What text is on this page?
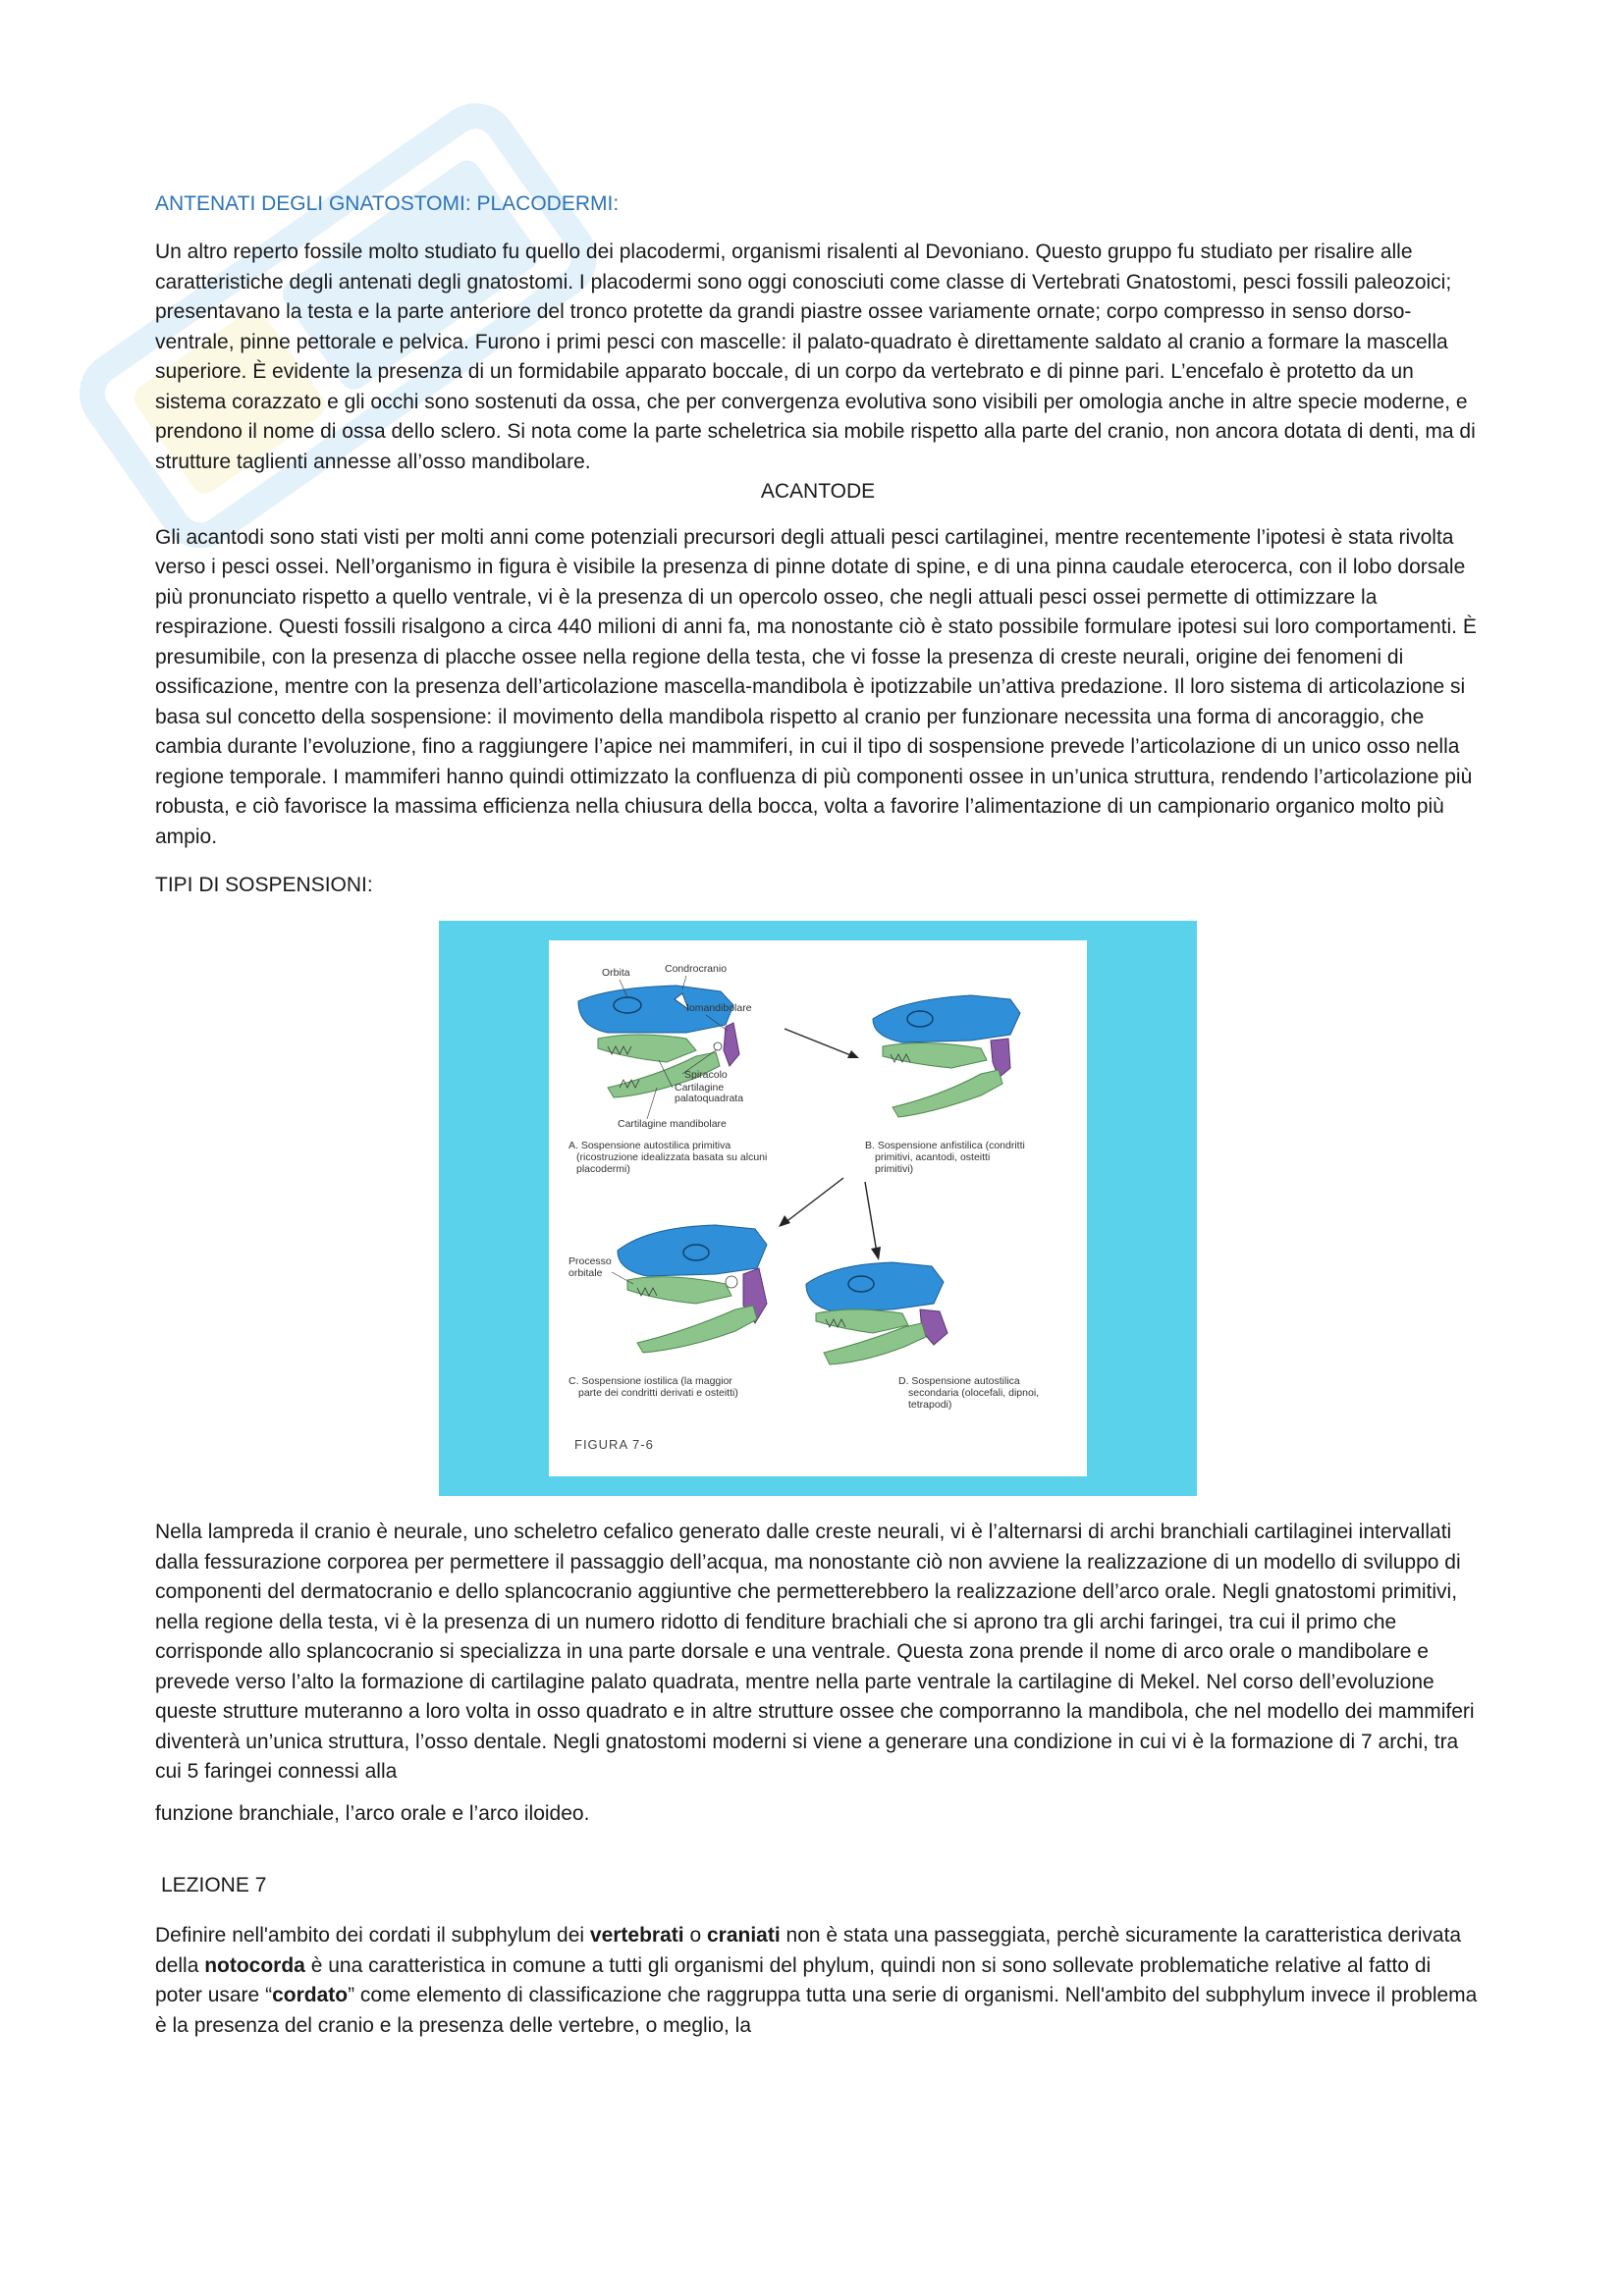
ANTENATI DEGLI GNATOSTOMI: PLACODERMI:

Un altro reperto fossile molto studiato fu quello dei placodermi, organismi risalenti al Devoniano. Questo gruppo fu studiato per risalire alle caratteristiche degli antenati degli gnatostomi. I placodermi sono oggi conosciuti come classe di Vertebrati Gnatostomi, pesci fossili paleozoici; presentavano la testa e la parte anteriore del tronco protette da grandi piastre ossee variamente ornate; corpo compresso in senso dorso-ventrale, pinne pettorale e pelvica. Furono i primi pesci con mascelle: il palato-quadrato è direttamente saldato al cranio a formare la mascella superiore. È evidente la presenza di un formidabile apparato boccale, di un corpo da vertebrato e di pinne pari. L’encefalo è protetto da un sistema corazzato e gli occhi sono sostenuti da ossa, che per convergenza evolutiva sono visibili per omologia anche in altre specie moderne, e prendono il nome di ossa dello sclero. Si nota come la parte scheletrica sia mobile rispetto alla parte del cranio, non ancora dotata di denti, ma di strutture taglienti annesse all’osso mandibolare.

ACANTODE

Gli acantodi sono stati visti per molti anni come potenziali precursori degli attuali pesci cartilaginei, mentre recentemente l’ipotesi è stata rivolta verso i pesci ossei. Nell’organismo in figura è visibile la presenza di pinne dotate di spine, e di una pinna caudale eterocerca, con il lobo dorsale più pronunciato rispetto a quello ventrale, vi è la presenza di un opercolo osseo, che negli attuali pesci ossei permette di ottimizzare la respirazione. Questi fossili risalgono a circa 440 milioni di anni fa, ma nonostante ciò è stato possibile formulare ipotesi sui loro comportamenti. È presumibile, con la presenza di placche ossee nella regione della testa, che vi fosse la presenza di creste neurali, origine dei fenomeni di ossificazione, mentre con la presenza dell’articolazione mascella-mandibola è ipotizzabile un’attiva predazione. Il loro sistema di articolazione si basa sul concetto della sospensione: il movimento della mandibola rispetto al cranio per funzionare necessita una forma di ancoraggio, che cambia durante l’evoluzione, fino a raggiungere l’apice nei mammiferi, in cui il tipo di sospensione prevede l’articolazione di un unico osso nella regione temporale. I mammiferi hanno quindi ottimizzato la confluenza di più componenti ossee in un’unica struttura, rendendo l’articolazione più robusta, e ciò favorisce la massima efficienza nella chiusura della bocca, volta a favorire l’alimentazione di un campionario organico molto più ampio.

TIPI DI SOSPENSIONI:

Orbita	Condrocranio
Iomandibolare
Spiracolo
Cartilagine
palatoquadrata
Cartilagine mandibolare
A. Sospensione autostilica primitiva
(ricostruzione idealizzata basata su alcuni
placodermi)
B. Sospensione anfistilica (condritti
primitivi, acantodi, osteitti
primitivi)
Processo
orbitale
C. Sospensione iostilica (la maggior
parte dei condritti derivati e osteitti)
D. Sospensione autostilica
secondaria (olocefali, dipnoi,
tetrapodi)
FIGURA 7-6

Nella lampreda il cranio è neurale, uno scheletro cefalico generato dalle creste neurali, vi è l’alternarsi di archi branchiali cartilaginei intervallati dalla fessurazione corporea per permettere il passaggio dell’acqua, ma nonostante ciò non avviene la realizzazione di un modello di sviluppo di componenti del dermatocranio e dello splancocranio aggiuntive che permetterebbero la realizzazione dell’arco orale. Negli gnatostomi primitivi, nella regione della testa, vi è la presenza di un numero ridotto di fenditure brachiali che si aprono tra gli archi faringei, tra cui il primo che corrisponde allo splancocranio si specializza in una parte dorsale e una ventrale. Questa zona prende il nome di arco orale o mandibolare e prevede verso l’alto la formazione di cartilagine palato quadrata, mentre nella parte ventrale la cartilagine di Mekel. Nel corso dell’evoluzione queste strutture muteranno a loro volta in osso quadrato e in altre strutture ossee che comporranno la mandibola, che nel modello dei mammiferi diventerà un’unica struttura, l’osso dentale. Negli gnatostomi moderni si viene a generare una condizione in cui vi è la formazione di 7 archi, tra cui 5 faringei connessi alla

funzione branchiale, l’arco orale e l’arco iloideo.

LEZIONE 7

Definire nell'ambito dei cordati il subphylum dei vertebrati o craniati non è stata una passeggiata, perchè sicuramente la caratteristica derivata della notocorda è una caratteristica in comune a tutti gli organismi del phylum, quindi non si sono sollevate problematiche relative al fatto di poter usare “cordato” come elemento di classificazione che raggruppa tutta una serie di organismi. Nell'ambito del subphylum invece il problema è la presenza del cranio e la presenza delle vertebre, o meglio, la
